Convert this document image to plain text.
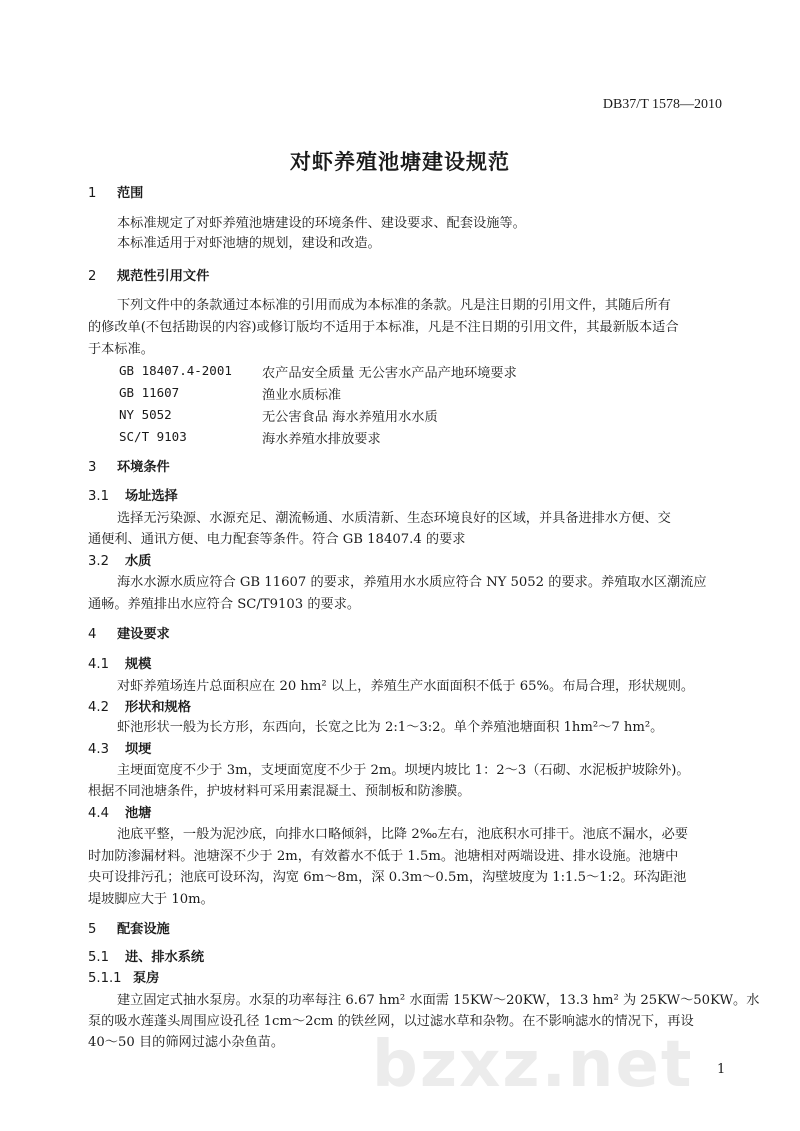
DB37/T 1578—2010
对虾养殖池塘建设规范
1 范围
本标准规定了对虾养殖池塘建设的环境条件、建设要求、配套设施等。
本标准适用于对虾池塘的规划，建设和改造。
2 规范性引用文件
下列文件中的条款通过本标准的引用而成为本标准的条款。凡是注日期的引用文件，其随后所有
的修改单(不包括勘误的内容)或修订版均不适用于本标准，凡是不注日期的引用文件，其最新版本适合
于本标准。
GB 18407.4-2001 农产品安全质量 无公害水产品产地环境要求
GB 11607	渔业水质标准
NY 5052	无公害食品 海水养殖用水水质
SC/T 9103	海水养殖水排放要求
3 环境条件
3.1 场址选择
选择无污染源、水源充足、潮流畅通、水质清新、生态环境良好的区域，并具备进排水方便、交
通便利、通讯方便、电力配套等条件。符合 GB 18407.4 的要求
3.2 水质
海水水源水质应符合 GB 11607 的要求，养殖用水水质应符合 NY 5052 的要求。养殖取水区潮流应
通畅。养殖排出水应符合 SC/T9103 的要求。
4 建设要求
4.1 规模
对虾养殖场连片总面积应在 20 hm² 以上，养殖生产水面面积不低于 65%。布局合理，形状规则。
4.2 形状和规格
虾池形状一般为长方形，东西向，长宽之比为 2:1～3:2。单个养殖池塘面积 1hm²～7 hm²。
4.3 坝埂
主埂面宽度不少于 3m，支埂面宽度不少于 2m。坝埂内坡比 1：2～3（石砌、水泥板护坡除外)。
根据不同池塘条件，护坡材料可采用素混凝土、预制板和防渗膜。
4.4 池塘
池底平整，一般为泥沙底，向排水口略倾斜，比降 2‰左右，池底积水可排干。池底不漏水，必要
时加防渗漏材料。池塘深不少于 2m，有效蓄水不低于 1.5m。池塘相对两端设进、排水设施。池塘中
央可设排污孔；池底可设环沟，沟宽 6m～8m，深 0.3m～0.5m，沟壁坡度为 1:1.5～1:2。环沟距池
堤坡脚应大于 10m。
5 配套设施
5.1 进、排水系统
5.1.1 泵房
建立固定式抽水泵房。水泵的功率每注 6.67 hm² 水面需 15KW～20KW，13.3 hm² 为 25KW～50KW。水
泵的吸水莲蓬头周围应设孔径 1cm～2cm 的铁丝网，以过滤水草和杂物。在不影响滤水的情况下，再设
40～50 目的筛网过滤小杂鱼苗。 bzxz.net 1
